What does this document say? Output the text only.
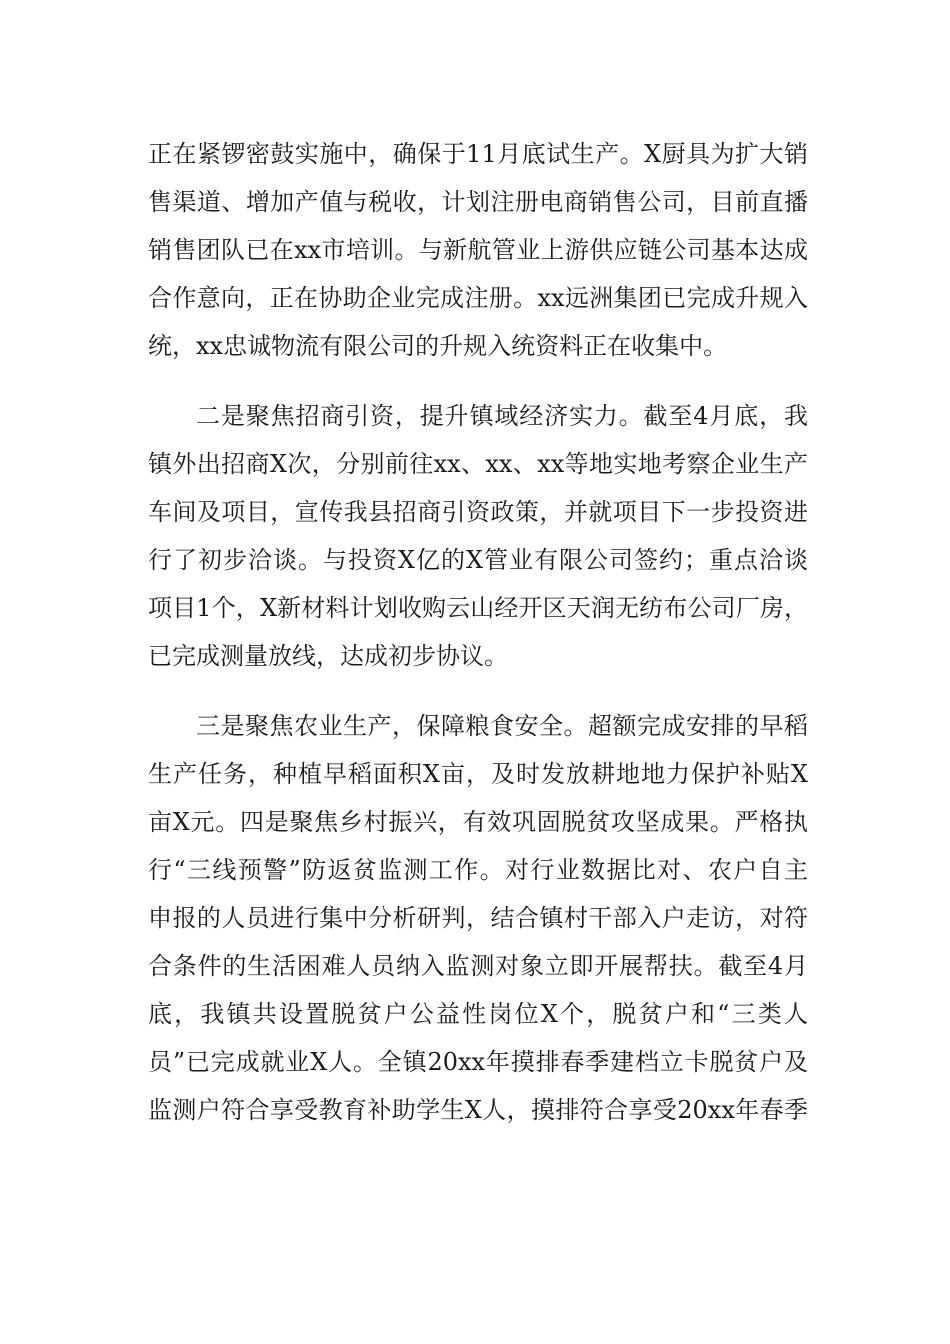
正在紧锣密鼓实施中，确保于11月底试生产。X厨具为扩大销
售渠道、增加产值与税收，计划注册电商销售公司，目前直播
销售团队已在xx市培训。与新航管业上游供应链公司基本达成
合作意向，正在协助企业完成注册。xx远洲集团已完成升规入
统，xx忠诚物流有限公司的升规入统资料正在收集中。
二是聚焦招商引资，提升镇域经济实力。截至4月底，我
镇外出招商X次，分别前往xx、xx、xx等地实地考察企业生产
车间及项目，宣传我县招商引资政策，并就项目下一步投资进
行了初步洽谈。与投资X亿的X管业有限公司签约；重点洽谈
项目1个，X新材料计划收购云山经开区天润无纺布公司厂房，
已完成测量放线，达成初步协议。
三是聚焦农业生产，保障粮食安全。超额完成安排的早稻
生产任务，种植早稻面积X亩，及时发放耕地地力保护补贴X
亩X元。四是聚焦乡村振兴，有效巩固脱贫攻坚成果。严格执
行“三线预警”防返贫监测工作。对行业数据比对、农户自主
申报的人员进行集中分析研判，结合镇村干部入户走访，对符
合条件的生活困难人员纳入监测对象立即开展帮扶。截至4月
底，我镇共设置脱贫户公益性岗位X个，脱贫户和“三类人
员”已完成就业X人。全镇20xx年摸排春季建档立卡脱贫户及
监测户符合享受教育补助学生X人，摸排符合享受20xx年春季
